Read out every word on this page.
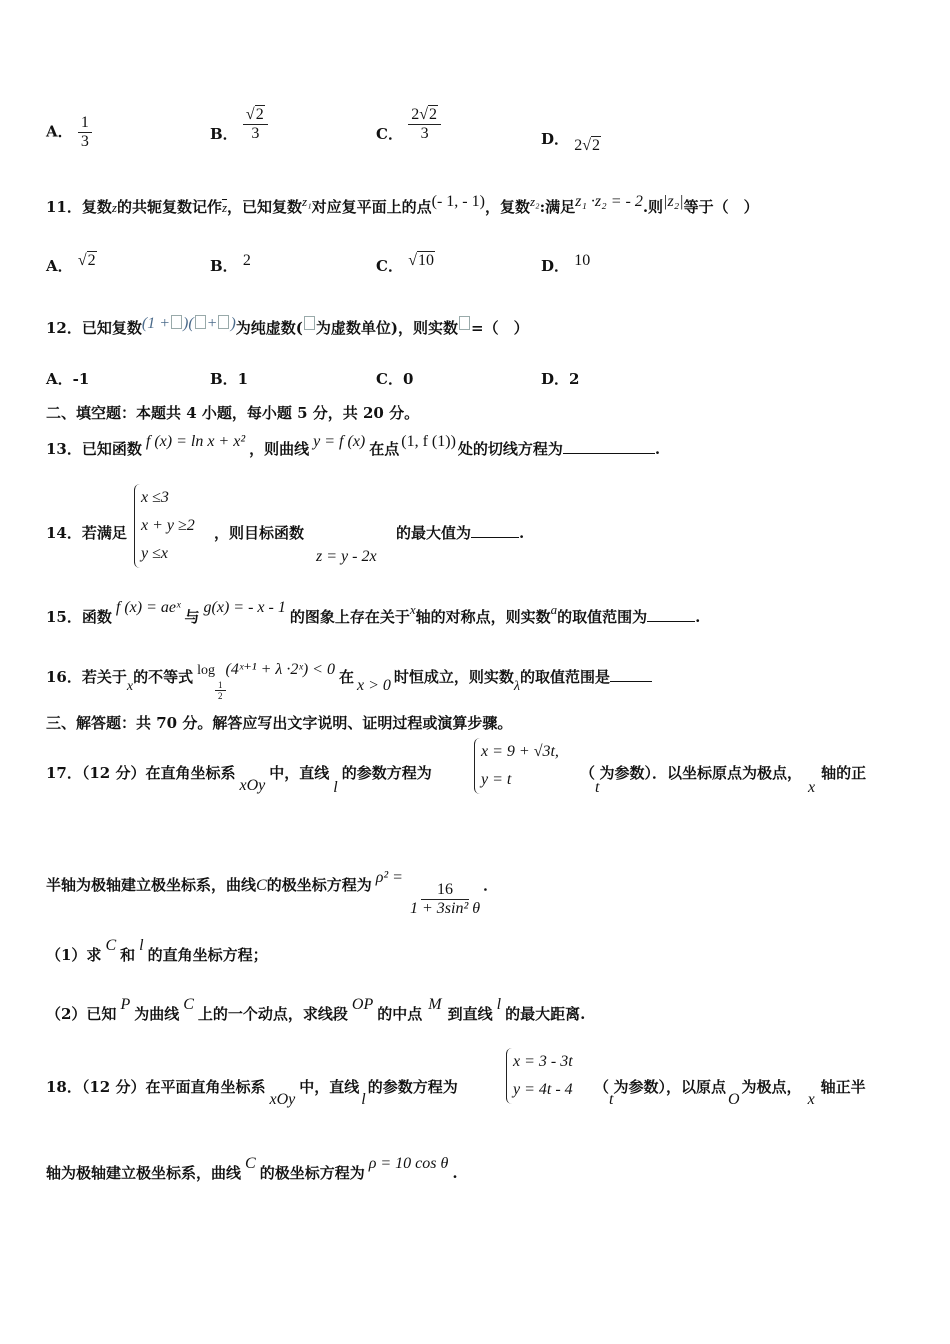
A． $\frac{1}{3}$	B． $\frac{√2}{3}$	C． $\frac{2√2}{3}$	D． 2√2
11．复数z的共轭复数记作$\overline{z}$，已知复数z₁对应复平面上的点(- 1, - 1)，复数z₂:满足z₁ ·z₂ = - 2.则|z₂|等于（　）
A． √2	B． 2	C． √10	D． 10
12．已知复数(1 + )( + )为纯虚数( 为虚数单位)，则实数 =（　）
A．-1	B．1	C．0	D．2
二、填空题：本题共 4 小题，每小题 5 分，共 20 分。
13．已知函数 f (x) = ln x + x² ，则曲线 y = f (x) 在点 (1, f (1)) 处的切线方程为	.
14．若满足
x ≤3
x + y ≥2
y ≤x
，则目标函数
z = y - 2x
的最大值为	.
15．函数f (x) = aeˣ与g(x) = - x - 1的图象上存在关于x轴的对称点，则实数a的取值范围为	.
16．若关于x的不等式 log
$\frac{1}{2}$
(4ˣ⁺¹ + λ ·2ˣ) < 0 在 x > 0 时恒成立，则实数λ的取值范围是
三、解答题：共 70 分。解答应写出文字说明、证明过程或演算步骤。
17．（12 分）在直角坐标系xOy中，直线l的参数方程为
x = 9 + √3t,
y = t	（t为参数）．以坐标原点为极点，x轴的正
半轴为极轴建立极坐标系，曲线C的极坐标方程为 ρ² =
$\frac{16}{\text{1 + 3sin² θ}}$ ．
（1）求C和l的直角坐标方程；
（2）已知P为曲线C上的一个动点，求线段OP的中点M到直线l的最大距离.
18．（12 分）在平面直角坐标系xOy中，直线l的参数方程为
x = 3 - 3t
y = 4t - 4 （t为参数），以原点O为极点，x轴正半
轴为极轴建立极坐标系，曲线C的极坐标方程为ρ = 10 cos θ.
